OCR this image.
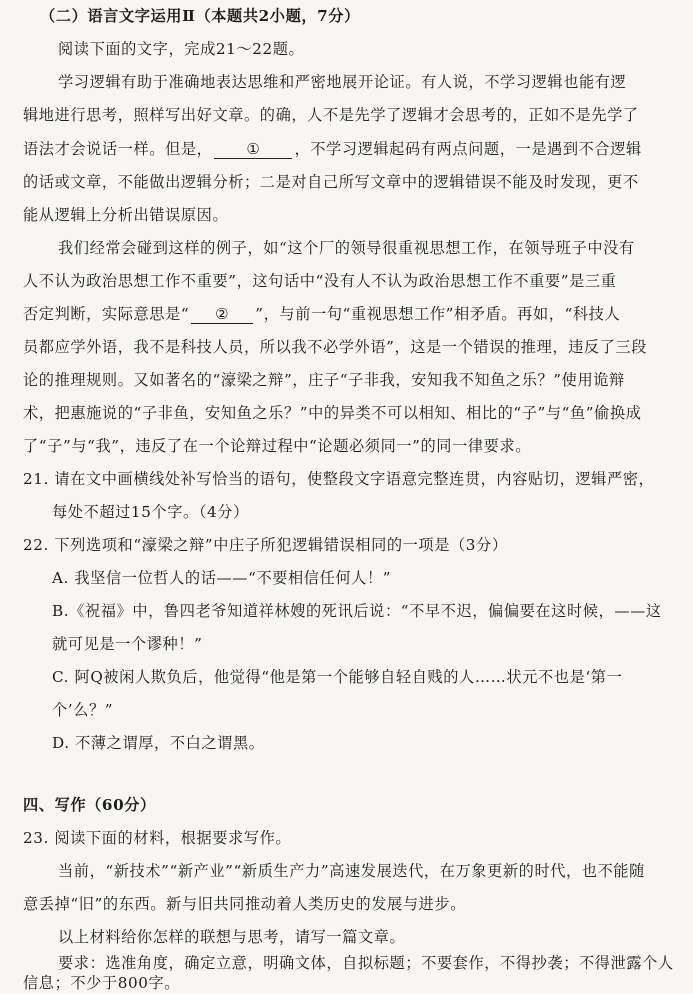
（二）语言文字运用Ⅱ（本题共2小题，7分）
阅读下面的文字，完成21～22题。
学习逻辑有助于准确地表达思维和严密地展开论证。有人说，不学习逻辑也能有逻
辑地进行思考，照样写出好文章。的确，人不是先学了逻辑才会思考的，正如不是先学了
语法才会说话一样。但是， ① ，不学习逻辑起码有两点问题，一是遇到不合逻辑
的话或文章，不能做出逻辑分析；二是对自己所写文章中的逻辑错误不能及时发现，更不
能从逻辑上分析出错误原因。
我们经常会碰到这样的例子，如“这个厂的领导很重视思想工作，在领导班子中没有
人不认为政治思想工作不重要”，这句话中“没有人不认为政治思想工作不重要”是三重
否定判断，实际意思是“ ② ”，与前一句“重视思想工作”相矛盾。再如，“科技人
员都应学外语，我不是科技人员，所以我不必学外语”，这是一个错误的推理，违反了三段
论的推理规则。又如著名的“濠梁之辩”，庄子“子非我，安知我不知鱼之乐？”使用诡辩
术，把惠施说的“子非鱼，安知鱼之乐？”中的异类不可以相知、相比的“子”与“鱼”偷换成
了“子”与“我”，违反了在一个论辩过程中“论题必须同一”的同一律要求。
21. 请在文中画横线处补写恰当的语句，使整段文字语意完整连贯，内容贴切，逻辑严密，
每处不超过15个字。（4分）
22. 下列选项和“濠梁之辩”中庄子所犯逻辑错误相同的一项是（3分）
A. 我坚信一位哲人的话——“不要相信任何人！”
B.《祝福》中，鲁四老爷知道祥林嫂的死讯后说：“不早不迟，偏偏要在这时候，——这
就可见是一个谬种！”
C. 阿Q被闲人欺负后，他觉得“他是第一个能够自轻自贱的人……状元不也是‘第一
个’么？”
D. 不薄之谓厚，不白之谓黑。
四、写作（60分）
23. 阅读下面的材料，根据要求写作。
当前，“新技术”“新产业”“新质生产力”高速发展迭代，在万象更新的时代，也不能随
意丢掉“旧”的东西。新与旧共同推动着人类历史的发展与进步。
以上材料给你怎样的联想与思考，请写一篇文章。
要求：选准角度，确定立意，明确文体，自拟标题；不要套作，不得抄袭；不得泄露个人
信息；不少于800字。
